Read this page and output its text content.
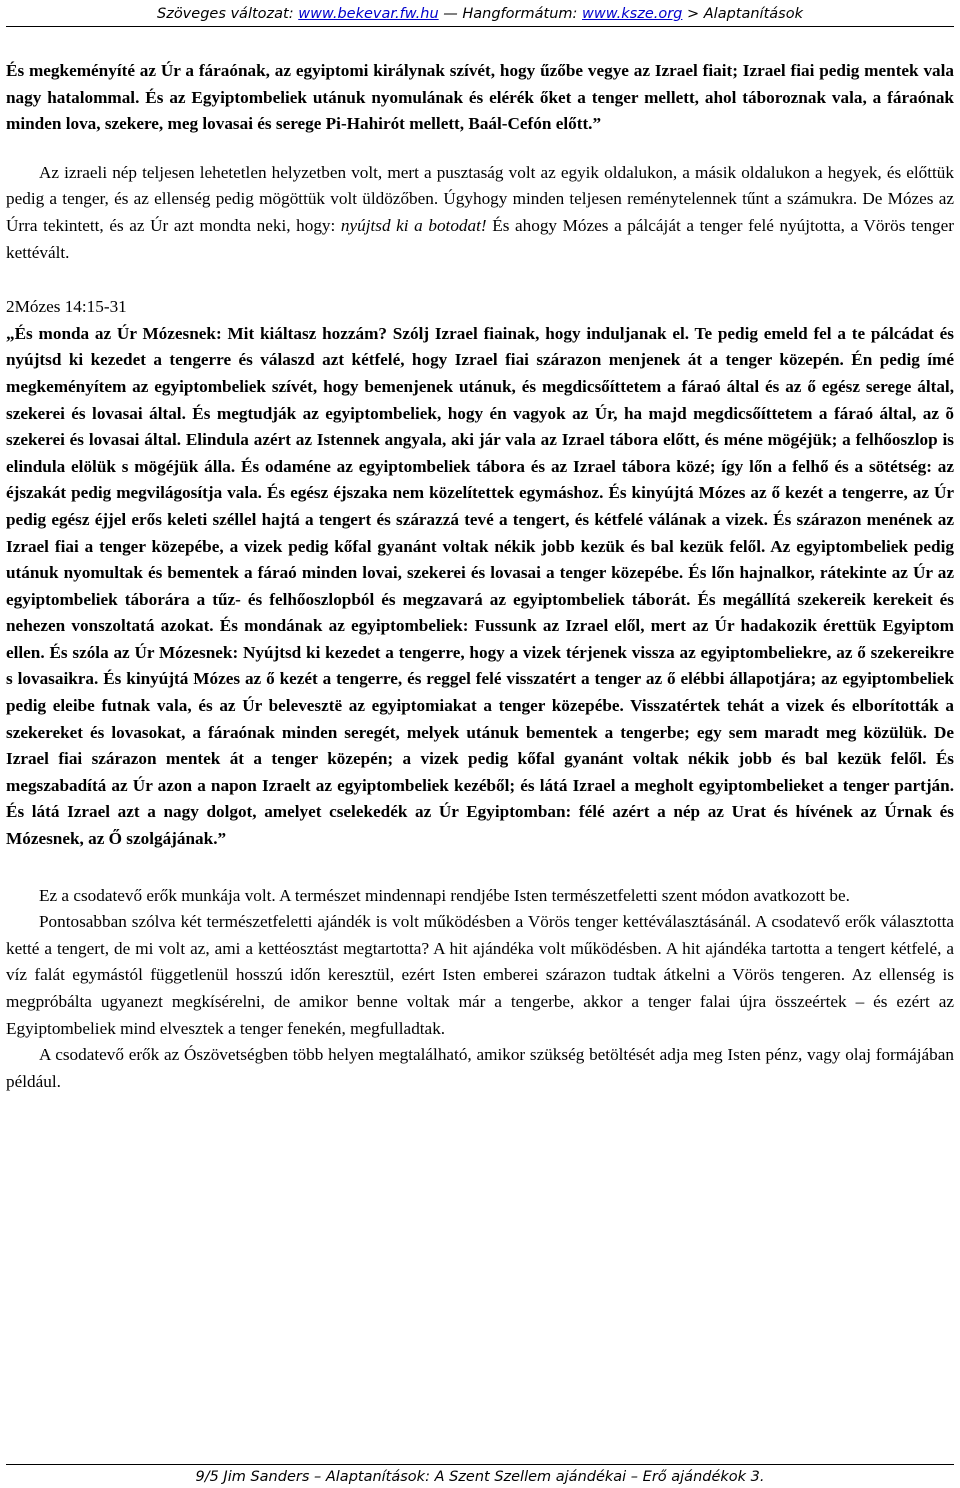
Szöveges változat: www.bekevar.fw.hu — Hangformátum: www.ksze.org > Alaptanítások

És megkeményíté az Úr a fáraónak, az egyiptomi királynak szívét, hogy űzőbe vegye az Izrael fiait; Izrael fiai pedig mentek vala nagy hatalommal. És az Egyiptombeliek utánuk nyomulának és elérék őket a tenger mellett, ahol táboroznak vala, a fáraónak minden lova, szekere, meg lovasai és serege Pi-Hahirót mellett, Baál-Cefón előtt.”

Az izraeli nép teljesen lehetetlen helyzetben volt, mert a pusztaság volt az egyik oldalukon, a másik oldalukon a hegyek, és előttük pedig a tenger, és az ellenség pedig mögöttük volt üldözőben. Úgyhogy minden teljesen reménytelennek tűnt a számukra. De Mózes az Úrra tekintett, és az Úr azt mondta neki, hogy: nyújtsd ki a botodat! És ahogy Mózes a pálcáját a tenger felé nyújtotta, a Vörös tenger kettévált.

2Mózes 14:15-31

„És monda az Úr Mózesnek: Mit kiáltasz hozzám? Szólj Izrael fiainak, hogy induljanak el. Te pedig emeld fel a te pálcádat és nyújtsd ki kezedet a tengerre és válaszd azt kétfelé, hogy Izrael fiai szárazon menjenek át a tenger közepén. Én pedig ímé megkeményítem az egyiptombeliek szívét, hogy bemenjenek utánuk, és megdicsőíttetem a fáraó által és az ő egész serege által, szekerei és lovasai által. És megtudják az egyiptombeliek, hogy én vagyok az Úr, ha majd megdicsőíttetem a fáraó által, az õ szekerei és lovasai által. Elindula azért az Istennek angyala, aki jár vala az Izrael tábora előtt, és méne mögéjük; a felhőoszlop is elindula elölük s mögéjük álla. És odaméne az egyiptombeliek tábora és az Izrael tábora közé; így lőn a felhő és a sötétség: az éjszakát pedig megvilágosítja vala. És egész éjszaka nem közelítettek egymáshoz. És kinyújtá Mózes az ő kezét a tengerre, az Úr pedig egész éjjel erős keleti széllel hajtá a tengert és szárazzá tevé a tengert, és kétfelé válának a vizek. És szárazon menének az Izrael fiai a tenger közepébe, a vizek pedig kőfal gyanánt voltak nékik jobb kezük és bal kezük felől. Az egyiptombeliek pedig utánuk nyomultak és bementek a fáraó minden lovai, szekerei és lovasai a tenger közepébe. És lőn hajnalkor, rátekinte az Úr az egyiptombeliek táborára a tűz- és felhőoszlopból és megzavará az egyiptombeliek táborát. És megállítá szekereik kerekeit és nehezen vonszoltatá azokat. És mondának az egyiptombeliek: Fussunk az Izrael elől, mert az Úr hadakozik érettük Egyiptom ellen. És szóla az Úr Mózesnek: Nyújtsd ki kezedet a tengerre, hogy a vizek térjenek vissza az egyiptombeliekre, az ő szekereikre s lovasaikra. És kinyújtá Mózes az ő kezét a tengerre, és reggel felé visszatért a tenger az ő elébbi állapotjára; az egyiptombeliek pedig eleibe futnak vala, és az Úr belevesztё az egyiptomiakat a tenger közepébe. Visszatértek tehát a vizek és elborították a szekereket és lovasokat, a fáraónak minden seregét, melyek utánuk bementek a tengerbe; egy sem maradt meg közülük. De Izrael fiai szárazon mentek át a tenger közepén; a vizek pedig kőfal gyanánt voltak nékik jobb és bal kezük felől. És megszabadítá az Úr azon a napon Izraelt az egyiptombeliek kezéből; és látá Izrael a megholt egyiptombelieket a tenger partján. És látá Izrael azt a nagy dolgot, amelyet cselekedék az Úr Egyiptomban: félé azért a nép az Urat és hívének az Úrnak és Mózesnek, az Ő szolgájának.”

Ez a csodatevő erők munkája volt. A természet mindennapi rendjébe Isten természetfeletti szent módon avatkozott be.

Pontosabban szólva két természetfeletti ajándék is volt működésben a Vörös tenger kettéválasztásánál. A csodatevő erők választotta ketté a tengert, de mi volt az, ami a kettéosztást megtartotta? A hit ajándéka volt működésben. A hit ajándéka tartotta a tengert kétfelé, a víz falát egymástól függetlenül hosszú időn keresztül, ezért Isten emberei szárazon tudtak átkelni a Vörös tengeren. Az ellenség is megpróbálta ugyanezt megkísérelni, de amikor benne voltak már a tengerbe, akkor a tenger falai újra összeértek – és ezért az Egyiptombeliek mind elvesztek a tenger fenekén, megfulladtak.

A csodatevő erők az Ószövetségben több helyen megtalálható, amikor szükség betöltését adja meg Isten pénz, vagy olaj formájában például.

9/5 Jim Sanders – Alaptanítások: A Szent Szellem ajándékai – Erő ajándékok 3.
